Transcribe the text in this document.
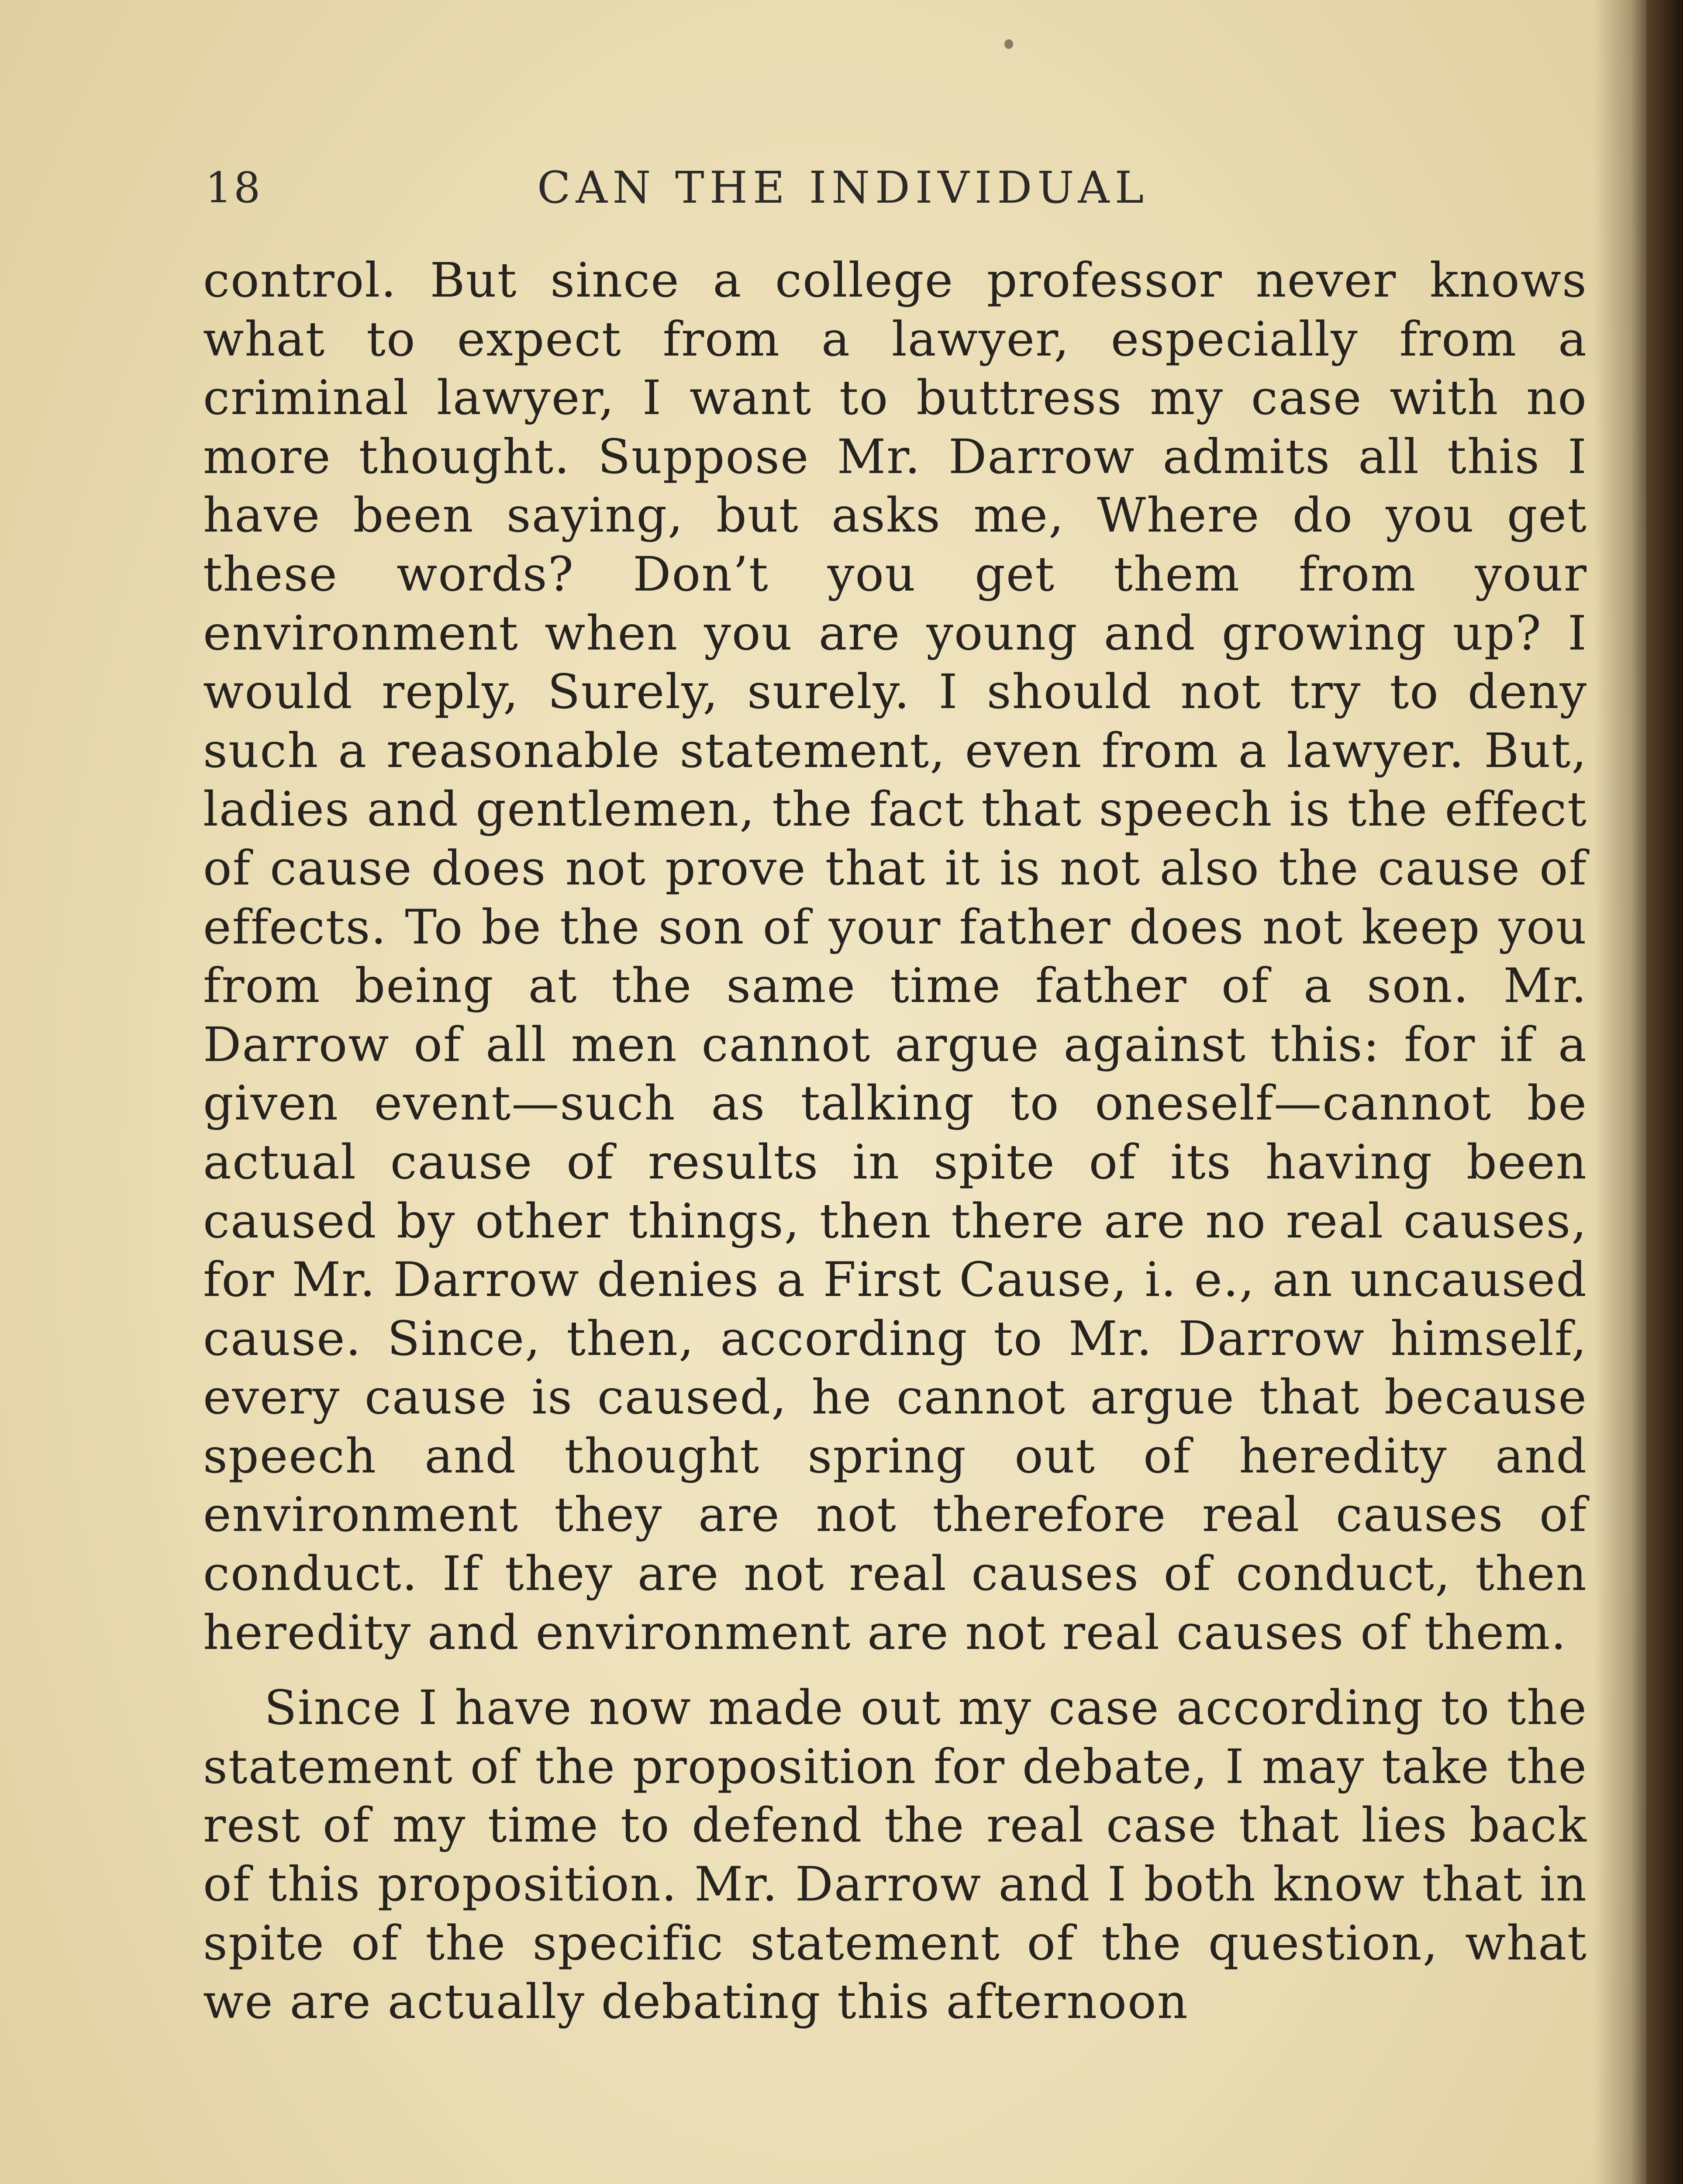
18	CAN THE INDIVIDUAL

control. But since a college professor never knows what to expect from a lawyer, especially from a criminal lawyer, I want to buttress my case with no more thought. Suppose Mr. Darrow admits all this I have been saying, but asks me, Where do you get these words? Don’t you get them from your environment when you are young and growing up? I would reply, Surely, surely. I should not try to deny such a reasonable statement, even from a lawyer. But, ladies and gentlemen, the fact that speech is the effect of cause does not prove that it is not also the cause of effects. To be the son of your father does not keep you from being at the same time father of a son. Mr. Darrow of all men cannot argue against this: for if a given event—such as talking to oneself—cannot be actual cause of results in spite of its having been caused by other things, then there are no real causes, for Mr. Darrow denies a First Cause, i. e., an uncaused cause. Since, then, according to Mr. Darrow himself, every cause is caused, he cannot argue that because speech and thought spring out of heredity and environment they are not therefore real causes of conduct. If they are not real causes of conduct, then heredity and environment are not real causes of them.

Since I have now made out my case according to the statement of the proposition for debate, I may take the rest of my time to defend the real case that lies back of this proposition. Mr. Darrow and I both know that in spite of the specific statement of the question, what we are actually debating this afternoon
